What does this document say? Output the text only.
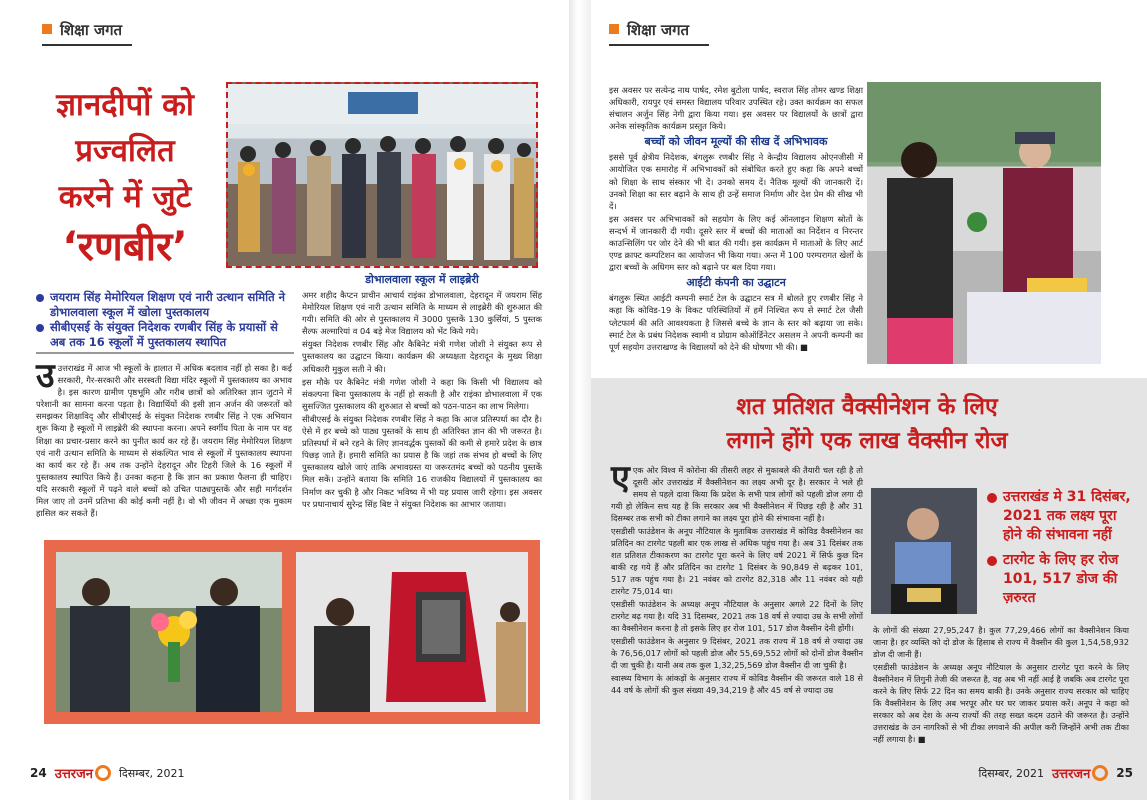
शिक्षा जगत
ज्ञानदीपों को
प्रज्वलित
करने में जुटे
‘रणबीर’
जयराम सिंह मेमोरियल शिक्षण एवं नारी उत्थान समिति ने डोभालवाला स्कूल में खोला पुस्तकालय
सीबीएसई के संयुक्त निदेशक रणबीर सिंह के प्रयासों से अब तक 16 स्कूलों में पुस्तकालय स्थापित
उ उत्तराखंड में आज भी स्कूलों के हालात में अधिक बदलाव नहीं हो सका है। कई सरकारी, गैर-सरकारी और सरस्वती विद्या मंदिर स्कूलों में पुस्तकालय का अभाव है। इस कारण ग्रामीण पृष्ठभूमि और गरीब छात्रों को अतिरिक्त ज्ञान जुटाने में परेशानी का सामना करना पड़ता है। विद्यार्थियों की इसी ज्ञान अर्जन की जरूरतों को समझकर शिक्षाविद् और सीबीएसई के संयुक्त निदेशक रणबीर सिंह ने एक अभियान शुरू किया है स्कूलों में लाइब्रेरी की स्थापना करना। अपने स्वर्गीय पिता के नाम पर वह शिक्षा का प्रचार-प्रसार करने का पुनीत कार्य कर रहे हैं। जयराम सिंह मेमोरियल शिक्षण एवं नारी उत्थान समिति के माध्यम से संकल्पित भाव से स्कूलों में पुस्तकालय स्थापना का कार्य कर रहे हैं। अब तक उन्होंने देहरादून और टिहरी जिले के 16 स्कूलों में पुस्तकालय स्थापित किये हैं। उनका कहना है कि ज्ञान का प्रकाश फैलना ही चाहिए। यदि सरकारी स्कूलों में पढ़ने वाले बच्चों को उचित पाठ्यपुस्तकें और सही मार्गदर्शन मिल जाए तो उनमें प्रतिभा की कोई कमी नहीं है। वो भी जीवन में अच्छा एक मुकाम हासिल कर सकते हैं।

डोभालवाला स्कूल में लाइब्रेरी

अमर शहीद कैप्टन प्राचीन आचार्य राइंका डोभालवाला, देहरादून में जयराम सिंह मेमोरियल शिक्षण एवं नारी उत्थान समिति के माध्यम से लाइब्रेरी की शुरुआत की गयी। समिति की ओर से पुस्तकालय में 3000 पुस्तकें 130 कुर्सियां, 5 पुस्तक सैल्फ अल्मारियां व 04 बड़े मेज विद्यालय को भेंट किये गये।

संयुक्त निदेशक रणबीर सिंह और कैबिनेट मंत्री गणेश जोशी ने संयुक्त रूप से पुस्तकालय का उद्घाटन किया। कार्यक्रम की अध्यक्षता देहरादून के मुख्य शिक्षा अधिकारी मुकुल सती ने की।

इस मौके पर कैबिनेट मंत्री गणेश जोशी ने कहा कि किसी भी विद्यालय को संकल्पना बिना पुस्तकालय के नहीं हो सकती है और राइंका डोभालवाला में एक सुसज्जित पुस्तकालय की शुरुआत से बच्चों को पठन-पाठन का लाभ मिलेगा।

सीबीएसई के संयुक्त निदेशक रणबीर सिंह ने कहा कि आज प्रतिस्पर्धा का दौर है। ऐसे में हर बच्चे को पाठ्य पुस्तकों के साथ ही अतिरिक्त ज्ञान की भी जरूरत है। प्रतिस्पर्धा में बने रहने के लिए ज्ञानवर्द्धक पुस्तकों की कमी से हमारे प्रदेश के छात्र पिछड़ जाते हैं। हमारी समिति का प्रयास है कि जहां तक संभव हो बच्चों के लिए पुस्तकालय खोले जाएं ताकि अभावग्रस्त या जरूरतमंद बच्चों को पठनीय पुस्तकें मिल सकें। उन्होंने बताया कि समिति 16 राजकीय विद्यालयों में पुस्तकालय का निर्माण कर चुकी है और निकट भविष्य में भी यह प्रयास जारी रहेगा। इस अवसर पर प्रधानाचार्य सुरेन्द्र सिंह बिष्ट ने संयुक्त निदेशक का आभार जताया।

24 उत्तरजन दिसम्बर, 2021
शिक्षा जगत

इस अवसर पर सत्येन्द्र नाथ पार्षद, रमेश बुटोला पार्षद, स्वराज सिंह तोमर खण्ड शिक्षा अधिकारी, रायपुर एवं समस्त विद्यालय परिवार उपस्थित रहे। उक्त कार्यक्रम का सफल संचालन अर्जुन सिंह नेगी द्वारा किया गया। इस अवसर पर विद्यालयों के छात्रों द्वारा अनेक सांस्कृतिक कार्यक्रम प्रस्तुत किये।

बच्चों को जीवन मूल्यों की सीख दें अभिभावक

इससे पूर्व क्षेत्रीय निदेशक, बंगलुरू रणबीर सिंह ने केन्द्रीय विद्यालय ओएनजीसी में आयोजित एक समारोह में अभिभावकों को संबोधित करते हुए कहा कि अपने बच्चों को शिक्षा के साथ संस्कार भी दें। उनको समय दें। नैतिक मूल्यों की जानकारी दें। उनको शिक्षा का स्तर बढ़ाने के साथ ही उन्हें समाज निर्माण और देश प्रेम की सीख भी दें।

इस अवसर पर अभिभावकों को सहयोग के लिए कई ऑनलाइन शिक्षण स्रोतों के सन्दर्भ में जानकारी दी गयी। दूसरे स्तर में बच्चों की माताओं का निर्देशन व निरन्तर काउन्सिलिंग पर जोर देने की भी बात की गयी। इस कार्यक्रम में माताओं के लिए आर्ट एण्ड क्राफ्ट कम्पटिशन का आयोजन भी किया गया। अन्त में 100 परम्परागत खेलों के द्वारा बच्चों के अधिगम स्तर को बढ़ाने पर बल दिया गया।

आईटी कंपनी का उद्घाटन

बंगलुरू स्थित आईटी कम्पनी स्मार्ट टेल के उद्घाटन सत्र में बोलते हुए रणबीर सिंह ने कहा कि कोविड-19 के विकट परिस्थितियों में हमें निश्चित रूप से स्मार्ट टेल जैसी प्लेटफार्म की अति आवश्यकता है जिससे बच्चे के ज्ञान के स्तर को बढ़ाया जा सके। स्मार्ट टेल के प्रबंध निदेशक स्वामी व प्रोग्राम कोऑर्डिनेटर असलम ने अपनी कम्पनी का पूर्ण सहयोग उत्तराखण्ड के विद्यालयों को देने की घोषणा भी की। ■

शत प्रतिशत वैक्सीनेशन के लिए
लगाने होंगे एक लाख वैक्सीन रोज
ए एक ओर विश्व में कोरोना की तीसरी लहर से मुकाबले की तैयारी चल रही है तो दूसरी ओर उत्तराखंड में वैक्सीनेशन का लक्ष्य अभी दूर है। सरकार ने भले ही समय से पहले दावा किया कि प्रदेश के सभी पात्र लोगों को पहली डोज लगा दी गयी हो लेकिन सच यह है कि सरकार अब भी वैक्सीनेशन में पिछड़ रही है और 31 दिसम्बर तक सभी को टीका लगाने का लक्ष्य पूरा होने की संभावना नहीं है।

एसडीसी फाउंडेशन के अनूप नौटियाल के मुताबिक उत्तराखंड में कोविड वैक्सीनेशन का प्रतिदिन का टारगेट पहली बार एक लाख से अधिक पहुंच गया है। अब 31 दिसंबर तक शत प्रतिशत टीकाकरण का टारगेट पूरा करने के लिए वर्ष 2021 में सिर्फ कुछ दिन बाकी रह गये हैं और प्रतिदिन का टारगेट 1 दिसंबर के 90,849 से बढ़कर 101, 517 तक पहुंच गया है। 21 नवंबर को टारगेट 82,318 और 11 नवंबर को यही टारगेट 75,014 था।

एसडीसी फाउंडेशन के अध्यक्ष अनूप नौटियाल के अनुसार अगले 22 दिनों के लिए टारगेट बढ़ गया है। यदि 31 दिसम्बर, 2021 तक 18 वर्ष से ज्यादा उम्र के सभी लोगों का वैक्सीनेशन करना है तो इसके लिए हर रोज 101, 517 डोज वैक्सीन देनी होंगी।

एसडीसी फाउंडेशन के अनुसार 9 दिसंबर, 2021 तक राज्य में 18 वर्ष से ज्यादा उम्र के 76,56,017 लोगों को पहली डोज और 55,69,552 लोगों को दोनों डोज वैक्सीन दी जा चुकी है। यानी अब तक कुल 1,32,25,569 डोज वैक्सीन दी जा चुकी है।

स्वास्थ्य विभाग के आंकड़ों के अनुसार राज्य में कोविड वैक्सीन की जरूरत वाले 18 से 44 वर्ष के लोगों की कुल संख्या 49,34,219 है और 45 वर्ष से ज्यादा उम्र

उत्तराखंड मे 31 दिसंबर, 2021 तक लक्ष्य पूरा होने की संभावना नहीं
टारगेट के लिए हर रोज 101, 517 डोज की ज़रुरत

के लोगों की संख्या 27,95,247 है। कुल 77,29,466 लोगों का वैक्सीनेशन किया जाना है। हर व्यक्ति को दो डोज के हिसाब से राज्य में वैक्सीन की कुल 1,54,58,932 डोज दी जानी हैं।

एसडीसी फाउंडेशन के अध्यक्ष अनूप नौटियाल के अनुसार टारगेट पूरा करने के लिए वैक्सीनेशन में तिगुनी तेजी की जरूरत है, वह अब भी नहीं आई है जबकि अब टारगेट पूरा करने के लिए सिर्फ 22 दिन का समय बाकी है। उनके अनुसार राज्य सरकार को चाहिए कि वैक्सीनेशन के लिए अब भरपूर और घर घर जाकर प्रयास करें। अनूप ने कहा को सरकार को अब देश के अन्य राज्यों की तरह सख्त कदम उठाने की जरूरत है। उन्होंने उत्तराखंड के उन नागरिकों से भी टीका लगवाने की अपील करी जिन्होंने अभी तक टीका नहीं लगाया है। ■

दिसम्बर, 2021 उत्तरजन 25
